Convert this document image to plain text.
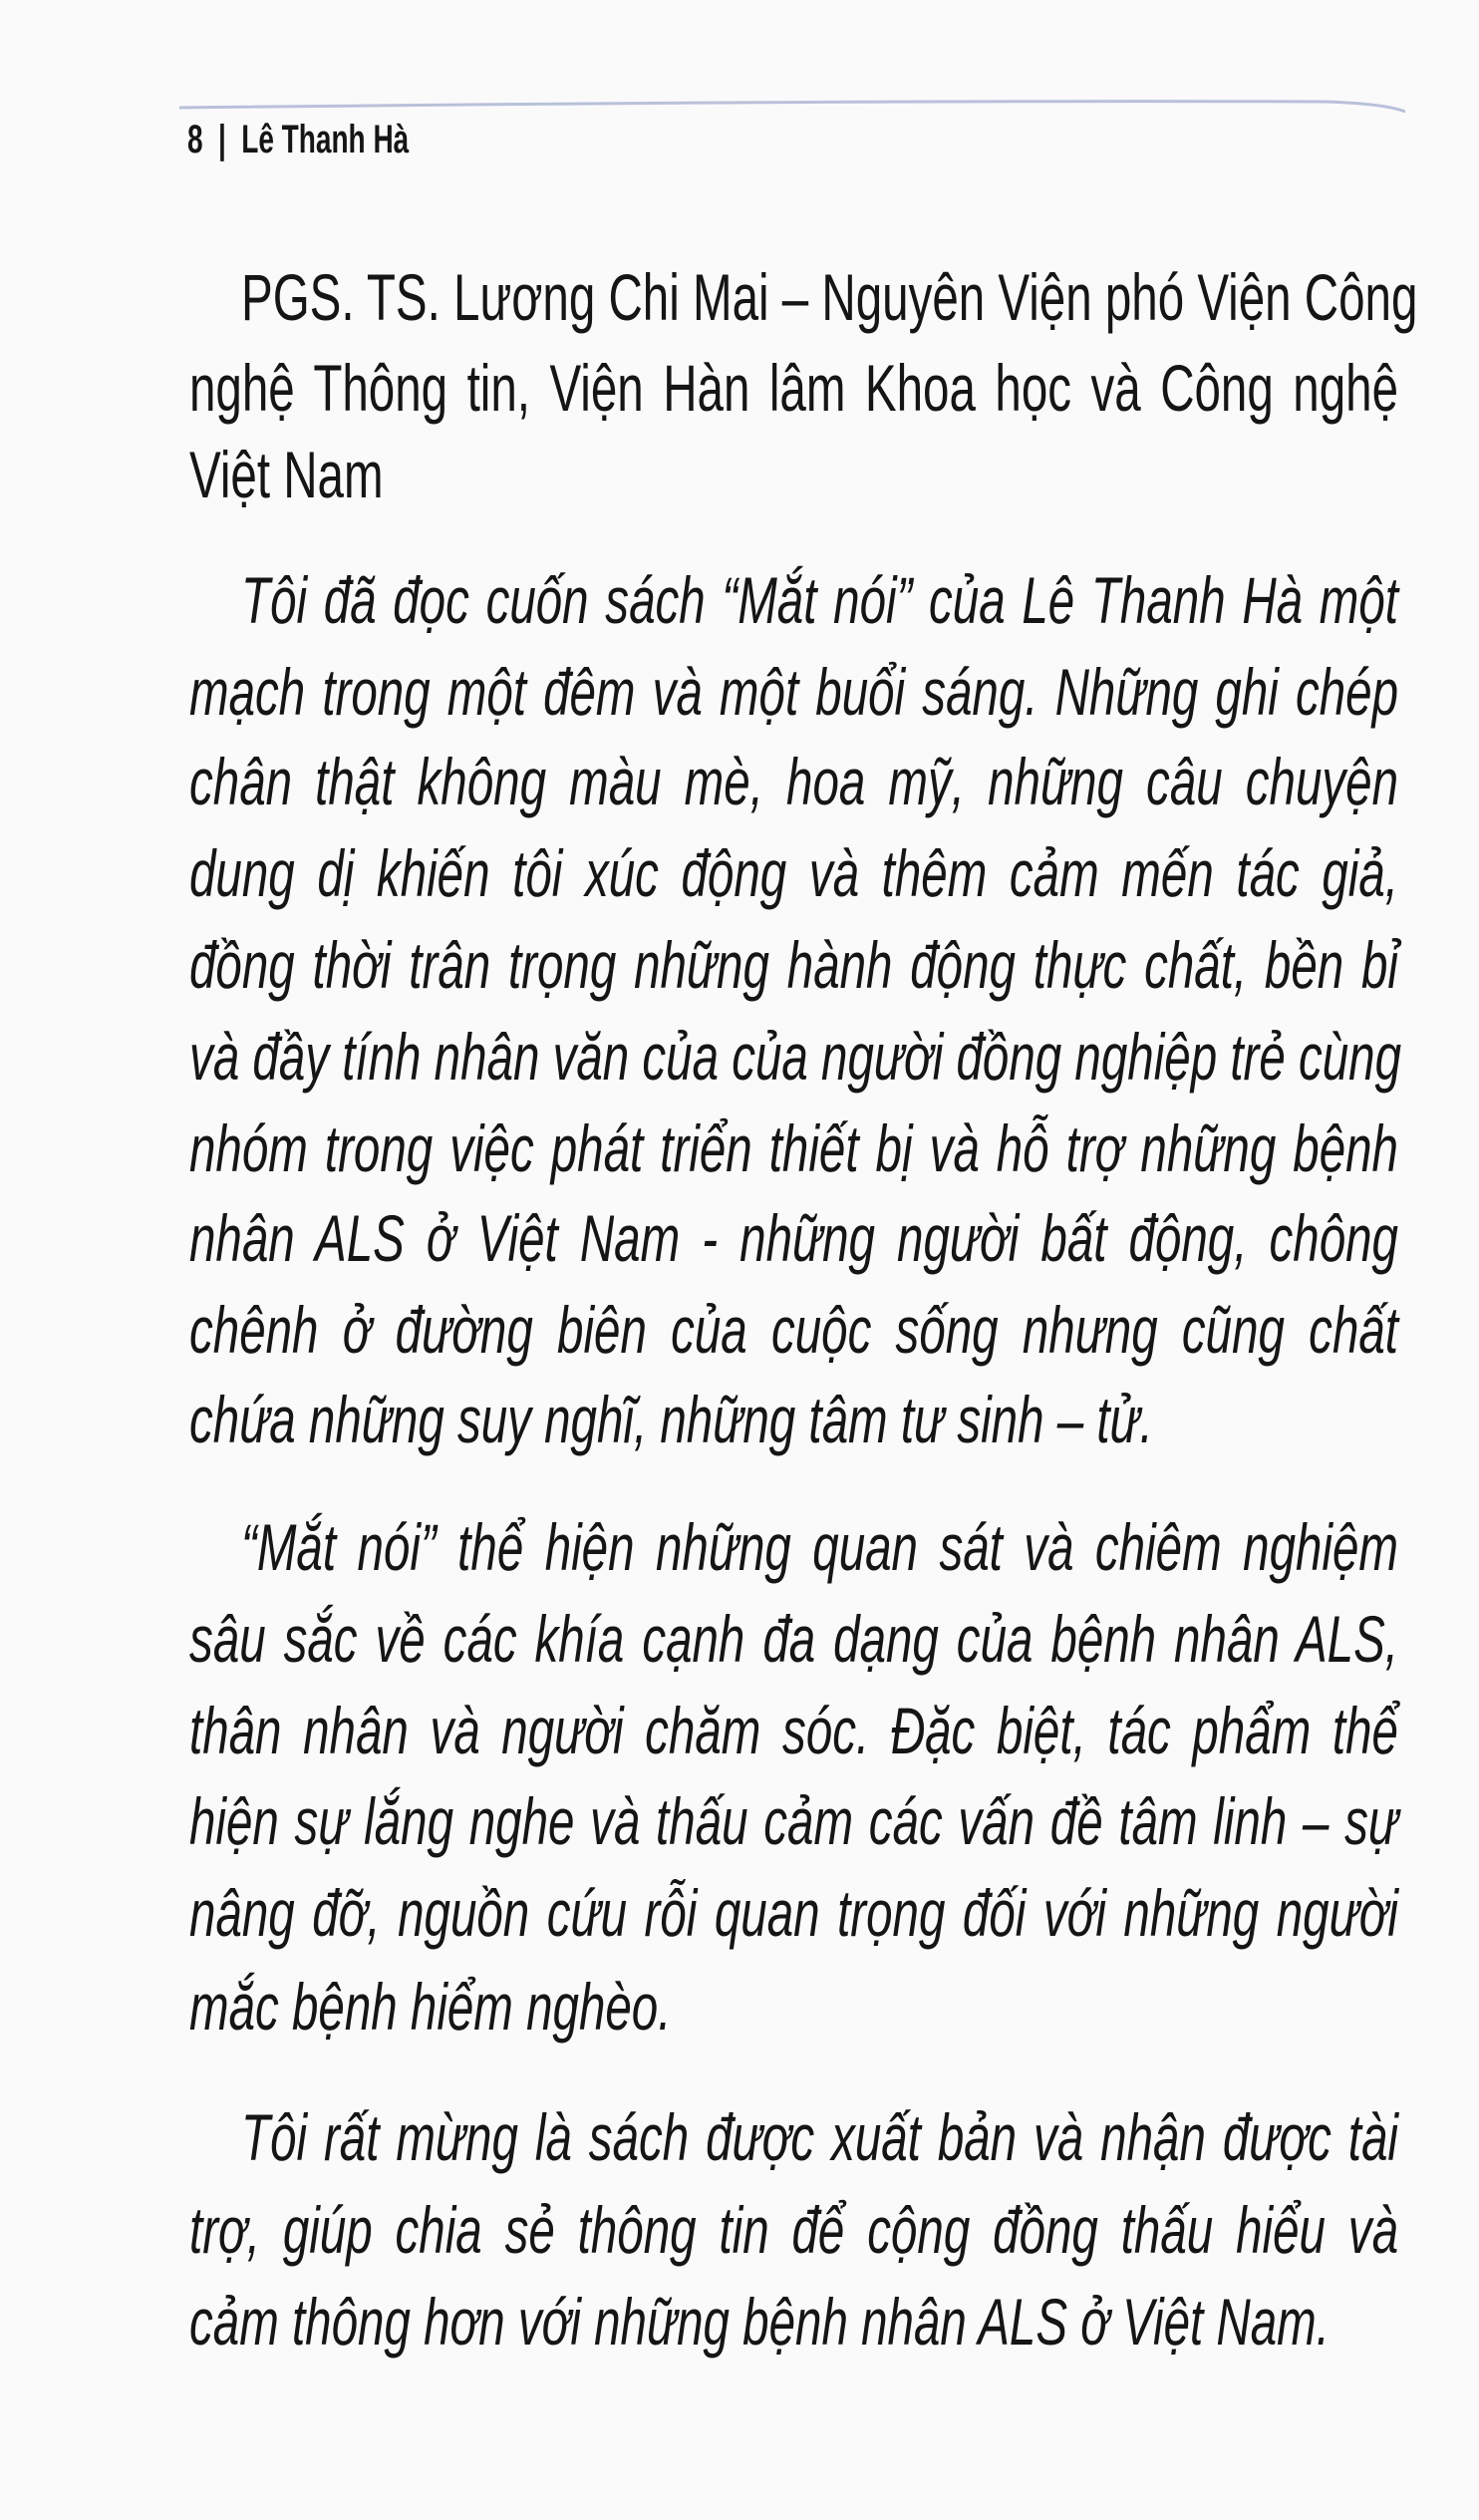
8 | Lê Thanh Hà
PGS. TS. Lương Chi Mai – Nguyên Viện phó Viện Công
nghệ Thông tin, Viện Hàn lâm Khoa học và Công nghệ
Việt Nam
Tôi đã đọc cuốn sách “Mắt nói” của Lê Thanh Hà một
mạch trong một đêm và một buổi sáng. Những ghi chép
chân thật không màu mè, hoa mỹ, những câu chuyện
dung dị khiến tôi xúc động và thêm cảm mến tác giả,
đồng thời trân trọng những hành động thực chất, bền bỉ
và đầy tính nhân văn của của người đồng nghiệp trẻ cùng
nhóm trong việc phát triển thiết bị và hỗ trợ những bệnh
nhân ALS ở Việt Nam - những người bất động, chông
chênh ở đường biên của cuộc sống nhưng cũng chất
chứa những suy nghĩ, những tâm tư sinh – tử.
“Mắt nói” thể hiện những quan sát và chiêm nghiệm
sâu sắc về các khía cạnh đa dạng của bệnh nhân ALS,
thân nhân và người chăm sóc. Đặc biệt, tác phẩm thể
hiện sự lắng nghe và thấu cảm các vấn đề tâm linh – sự
nâng đỡ, nguồn cứu rỗi quan trọng đối với những người
mắc bệnh hiểm nghèo.
Tôi rất mừng là sách được xuất bản và nhận được tài
trợ, giúp chia sẻ thông tin để cộng đồng thấu hiểu và
cảm thông hơn với những bệnh nhân ALS ở Việt Nam.
